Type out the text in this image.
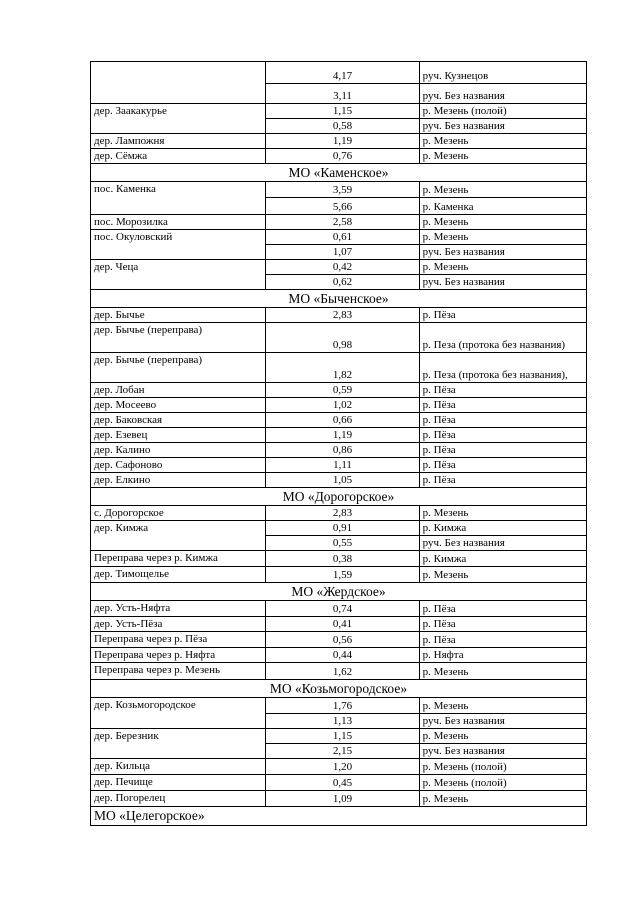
	4,17	руч. Кузнецов
	3,11	руч. Без названия
дер. Заакакурье	1,15	р. Мезень (полой)
	0,58	руч. Без названия
дер. Лампожня	1,19	р. Мезень
дер. Сёмжа	0,76	р. Мезень
МО «Каменское»		
пос. Каменка	3,59	р. Мезень
	5,66	р. Каменка
пос. Морозилка	2,58	р. Мезень
пос. Окуловский	0,61	р. Мезень
	1,07	руч. Без названия
дер. Чеца	0,42	р. Мезень
	0,62	руч. Без названия
МО «Быченское»		
дер. Бычье	2,83	р. Пёза
дер. Бычье (переправа)	0,98	р. Пеза (протока без названия)
дер. Бычье (переправа)	1,82	р. Пеза (протока без названия),
дер. Лобан	0,59	р. Пёза
дер. Мосеево	1,02	р. Пёза
дер. Баковская	0,66	р. Пёза
дер. Езевец	1,19	р. Пёза
дер. Калино	0,86	р. Пёза
дер. Сафоново	1,11	р. Пёза
дер. Елкино	1,05	р. Пёза
МО «Дорогорское»		
с. Дорогорское	2,83	р. Мезень
дер. Кимжа	0,91	р. Кимжа
	0,55	руч. Без названия
Переправа через р. Кимжа	0,38	р. Кимжа
дер. Тимощелье	1,59	р. Мезень
МО «Жердское»		
дер. Усть-Няфта	0,74	р. Пёза
дер. Усть-Пёза	0,41	р. Пёза
Переправа через р. Пёза	0,56	р. Пёза
Переправа через р. Няфта	0,44	р. Няфта
Переправа через р. Мезень	1,62	р. Мезень
МО «Козьмогородское»		
дер. Козьмогородское	1,76	р. Мезень
	1,13	руч. Без названия
дер. Березник	1,15	р. Мезень
	2,15	руч. Без названия
дер. Кильца	1,20	р. Мезень (полой)
дер. Печище	0,45	р. Мезень (полой)
дер. Погорелец	1,09	р. Мезень
МО «Целегорское»		
